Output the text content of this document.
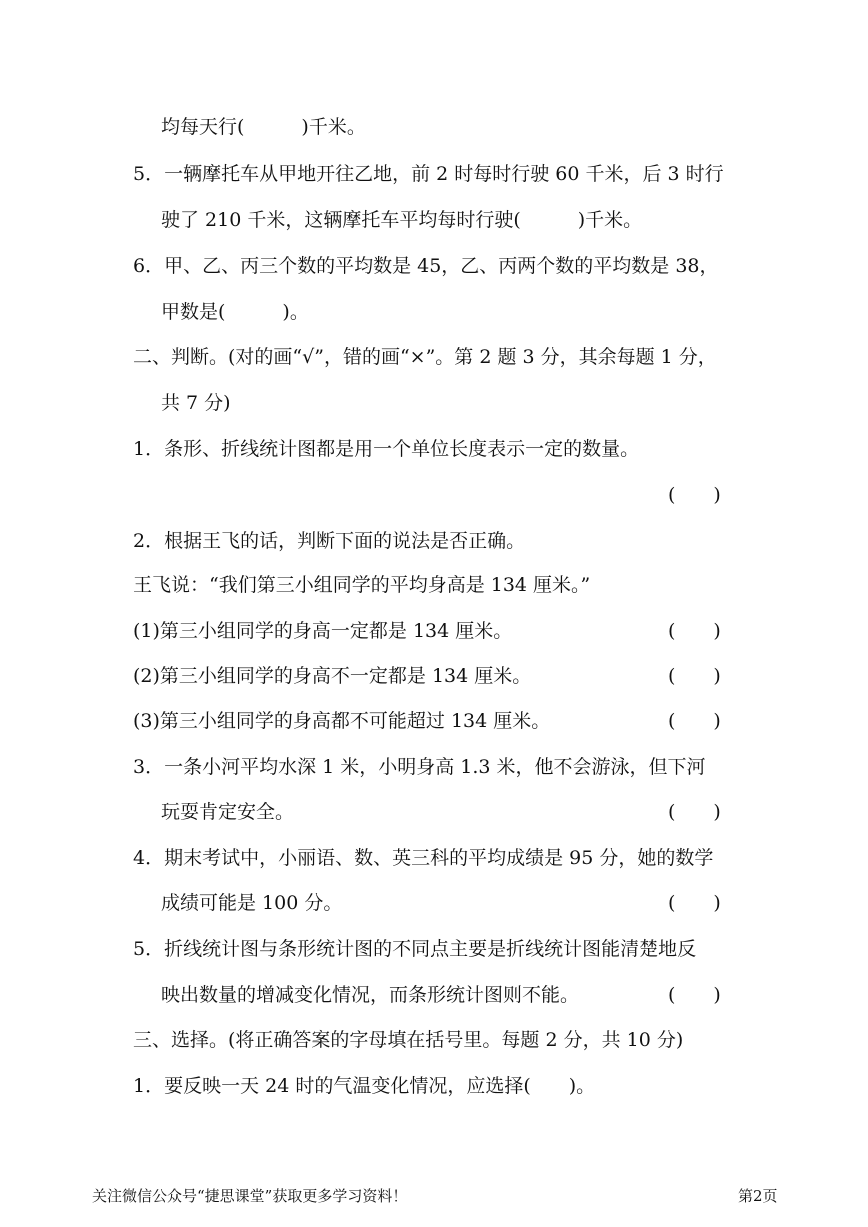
均每天行(　　　)千米。
5．一辆摩托车从甲地开往乙地，前 2 时每时行驶 60 千米，后 3 时行
驶了 210 千米，这辆摩托车平均每时行驶(　　　)千米。
6．甲、乙、丙三个数的平均数是 45，乙、丙两个数的平均数是 38，
甲数是(　　　)。
二、判断。(对的画“√”，错的画“×”。第 2 题 3 分，其余每题 1 分，
共 7 分)
1．条形、折线统计图都是用一个单位长度表示一定的数量。
(　　)
2．根据王飞的话，判断下面的说法是否正确。
王飞说：“我们第三小组同学的平均身高是 134 厘米。”
(1)第三小组同学的身高一定都是 134 厘米。	(　　)
(2)第三小组同学的身高不一定都是 134 厘米。	(　　)
(3)第三小组同学的身高都不可能超过 134 厘米。	(　　)
3．一条小河平均水深 1 米，小明身高 1.3 米，他不会游泳，但下河
玩耍肯定安全。	(　　)
4．期末考试中，小丽语、数、英三科的平均成绩是 95 分，她的数学
成绩可能是 100 分。	(　　)
5．折线统计图与条形统计图的不同点主要是折线统计图能清楚地反
映出数量的增减变化情况，而条形统计图则不能。	(　　)
三、选择。(将正确答案的字母填在括号里。每题 2 分，共 10 分)
1．要反映一天 24 时的气温变化情况，应选择(　　)。
关注微信公众号“捷思课堂”获取更多学习资料！	第2页
